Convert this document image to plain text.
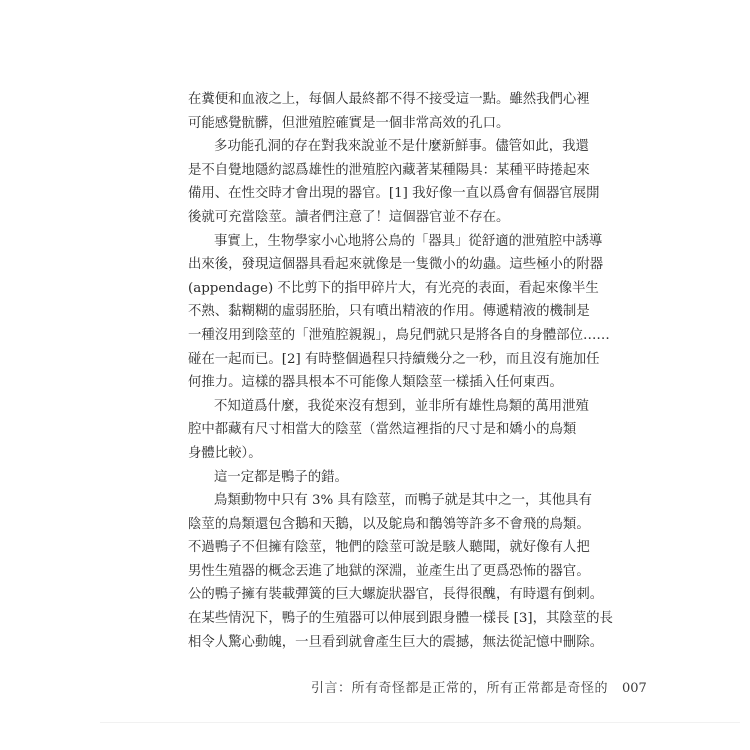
在糞便和血液之上，每個人最終都不得不接受這一點。雖然我們心裡
可能感覺骯髒，但泄殖腔確實是一個非常高效的孔口。
多功能孔洞的存在對我來說並不是什麼新鮮事。儘管如此，我還
是不自覺地隱約認爲雄性的泄殖腔內藏著某種陽具：某種平時捲起來
備用、在性交時才會出現的器官。[1] 我好像一直以爲會有個器官展開
後就可充當陰莖。讀者們注意了！這個器官並不存在。
事實上，生物學家小心地將公鳥的「器具」從舒適的泄殖腔中誘導
出來後，發現這個器具看起來就像是一隻微小的幼蟲。這些極小的附器
(appendage) 不比剪下的指甲碎片大，有光亮的表面，看起來像半生
不熟、黏糊糊的虛弱胚胎，只有噴出精液的作用。傳遞精液的機制是
一種沒用到陰莖的「泄殖腔親親」，鳥兒們就只是將各自的身體部位……
碰在一起而已。[2] 有時整個過程只持續幾分之一秒，而且沒有施加任
何推力。這樣的器具根本不可能像人類陰莖一樣插入任何東西。
不知道爲什麼，我從來沒有想到，並非所有雄性鳥類的萬用泄殖
腔中都藏有尺寸相當大的陰莖（當然這裡指的尺寸是和嬌小的鳥類
身體比較）。
這一定都是鴨子的錯。
鳥類動物中只有 3% 具有陰莖，而鴨子就是其中之一，其他具有
陰莖的鳥類還包含鵝和天鵝，以及鴕鳥和鶺鴒等許多不會飛的鳥類。
不過鴨子不但擁有陰莖，牠們的陰莖可說是駭人聽聞，就好像有人把
男性生殖器的概念丟進了地獄的深淵，並產生出了更爲恐怖的器官。
公的鴨子擁有裝載彈簧的巨大螺旋狀器官，長得很醜，有時還有倒刺。
在某些情況下，鴨子的生殖器可以伸展到跟身體一樣長 [3]，其陰莖的長
相令人驚心動魄，一旦看到就會產生巨大的震撼，無法從記憶中刪除。
引言：所有奇怪都是正常的，所有正常都是奇怪的 007
